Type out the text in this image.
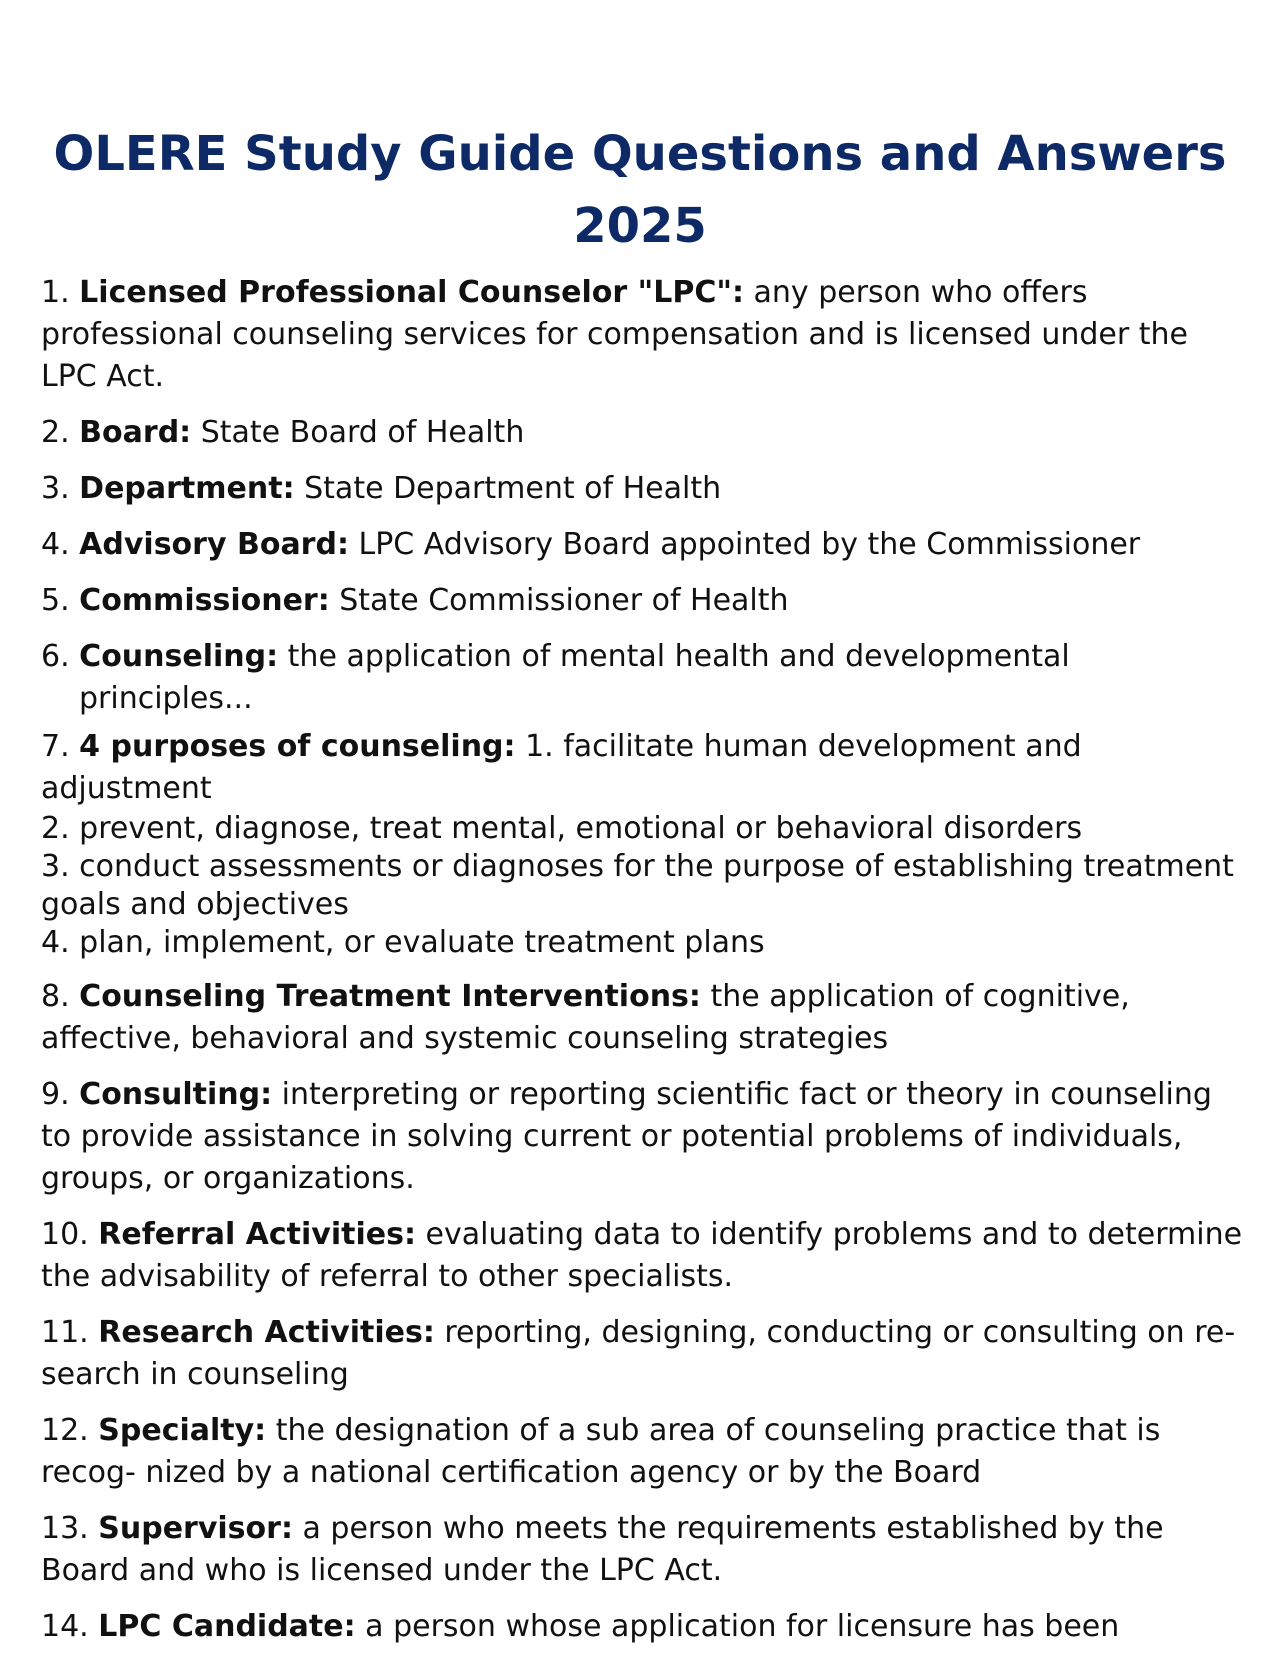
OLERE Study Guide Questions and Answers 2025
1. Licensed Professional Counselor "LPC": any person who offers professional counseling services for compensation and is licensed under the LPC Act.
2. Board: State Board of Health
3. Department: State Department of Health
4. Advisory Board: LPC Advisory Board appointed by the Commissioner
5. Commissioner: State Commissioner of Health
6. Counseling: the application of mental health and developmental principles...
7. 4 purposes of counseling: 1. facilitate human development and adjustment
2. prevent, diagnose, treat mental, emotional or behavioral disorders
3. conduct assessments or diagnoses for the purpose of establishing treatment goals and objectives
4. plan, implement, or evaluate treatment plans
8. Counseling Treatment Interventions: the application of cognitive, affective, behavioral and systemic counseling strategies
9. Consulting: interpreting or reporting scientific fact or theory in counseling to provide assistance in solving current or potential problems of individuals, groups, or organizations.
10. Referral Activities: evaluating data to identify problems and to determine the advisability of referral to other specialists.
11. Research Activities: reporting, designing, conducting or consulting on re- search in counseling
12. Specialty: the designation of a sub area of counseling practice that is recog- nized by a national certification agency or by the Board
13. Supervisor: a person who meets the requirements established by the Board and who is licensed under the LPC Act.
14. LPC Candidate: a person whose application for licensure has been
